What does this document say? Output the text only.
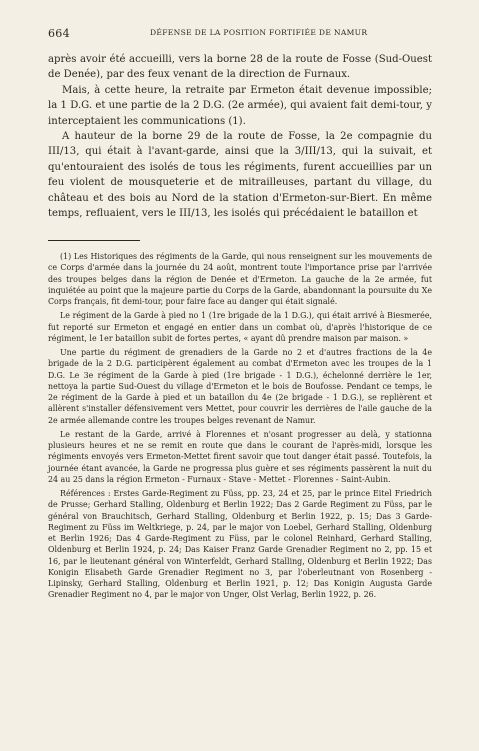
664	DÉFENSE DE LA POSITION FORTIFIÉE DE NAMUR

après avoir été accueilli, vers la borne 28 de la route de Fosse (Sud-Ouest de Denée), par des feux venant de la direction de Furnaux.

Mais, à cette heure, la retraite par Ermeton était devenue impossible; la 1 D.G. et une partie de la 2 D.G. (2e armée), qui avaient fait demi-tour, y interceptaient les communications (1).

A hauteur de la borne 29 de la route de Fosse, la 2e compagnie du III/13, qui était à l'avant-garde, ainsi que la 3/III/13, qui la suivait, et qu'entouraient des isolés de tous les régiments, furent accueillies par un feu violent de mousqueterie et de mitrailleuses, partant du village, du château et des bois au Nord de la station d'Ermeton-sur-Biert. En même temps, refluaient, vers le III/13, les isolés qui précédaient le bataillon et

(1) Les Historiques des régiments de la Garde, qui nous renseignent sur les mouvements de ce Corps d'armée dans la journée du 24 août, montrent toute l'importance prise par l'arrivée des troupes belges dans la région de Denée et d'Ermeton. La gauche de la 2e armée, fut inquiétée au point que la majeure partie du Corps de la Garde, abandonnant la poursuite du Xe Corps français, fit demi-tour, pour faire face au danger qui était signalé.

Le régiment de la Garde à pied no 1 (1re brigade de la 1 D.G.), qui était arrivé à Biesmerée, fut reporté sur Ermeton et engagé en entier dans un combat où, d'après l'historique de ce régiment, le 1er bataillon subit de fortes pertes, « ayant dû prendre maison par maison. »

Une partie du régiment de grenadiers de la Garde no 2 et d'autres fractions de la 4e brigade de la 2 D.G. participèrent également au combat d'Ermeton avec les troupes de la 1 D.G. Le 3e régiment de la Garde à pied (1re brigade - 1 D.G.), échelonné derrière le 1er, nettoya la partie Sud-Ouest du village d'Ermeton et le bois de Boufosse. Pendant ce temps, le 2e régiment de la Garde à pied et un bataillon du 4e (2e brigade - 1 D.G.), se replièrent et allèrent s'installer défensivement vers Mettet, pour couvrir les derrières de l'aile gauche de la 2e armée allemande contre les troupes belges revenant de Namur.

Le restant de la Garde, arrivé à Florennes et n'osant progresser au delà, y stationna plusieurs heures et ne se remit en route que dans le courant de l'après-midi, lorsque les régiments envoyés vers Ermeton-Mettet firent savoir que tout danger était passé. Toutefois, la journée étant avancée, la Garde ne progressa plus guère et ses régiments passèrent la nuit du 24 au 25 dans la région Ermeton - Furnaux - Stave - Mettet - Florennes - Saint-Aubin.

Références : Erstes Garde-Regiment zu Füss, pp. 23, 24 et 25, par le prince Eitel Friedrich de Prusse; Gerhard Stalling, Oldenburg et Berlin 1922; Das 2 Garde Regiment zu Füss, par le général von Brauchitsch, Gerhard Stalling, Oldenburg et Berlin 1922, p. 15; Das 3 Garde-Regiment zu Füss im Weltkriege, p. 24, par le major von Loebel, Gerhard Stalling, Oldenburg et Berlin 1926; Das 4 Garde-Regiment zu Füss, par le colonel Reinhard, Gerhard Stalling, Oldenburg et Berlin 1924, p. 24; Das Kaiser Franz Garde Grenadier Regiment no 2, pp. 15 et 16, par le lieutenant général von Winterfeldt, Gerhard Stalling, Oldenburg et Berlin 1922; Das Konigin Elisabeth Garde Grenadier Regiment no 3, par l'oberleutnant von Rosenberg - Lipinsky, Gerhard Stalling, Oldenburg et Berlin 1921, p. 12; Das Konigin Augusta Garde Grenadier Regiment no 4, par le major von Unger, Olst Verlag, Berlin 1922, p. 26.
